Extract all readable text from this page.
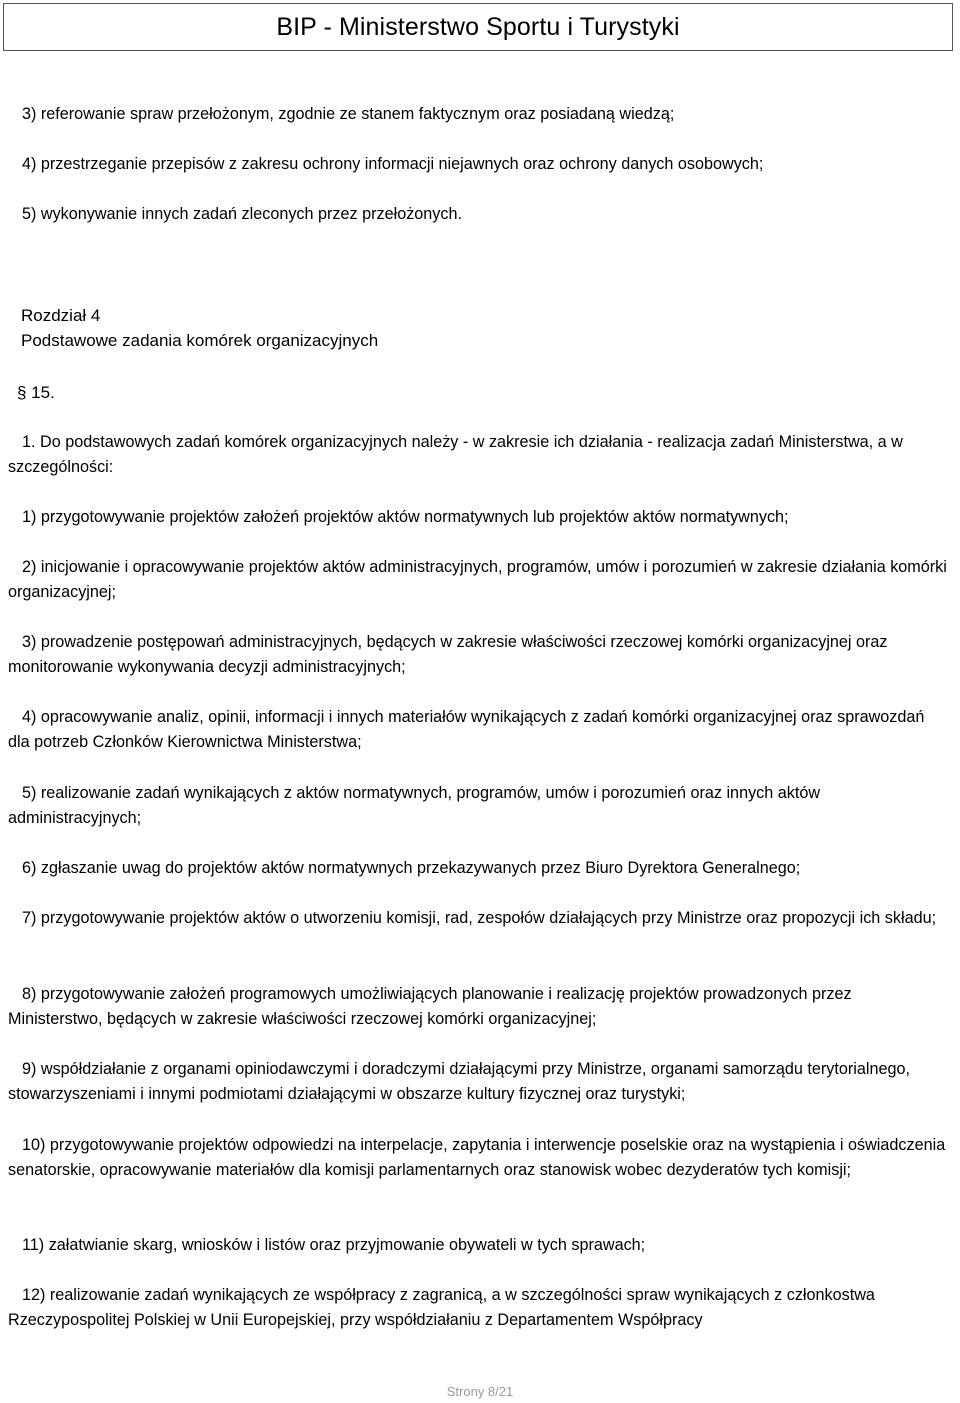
BIP - Ministerstwo Sportu i Turystyki
3) referowanie spraw przełożonym, zgodnie ze stanem faktycznym oraz posiadaną wiedzą;
4) przestrzeganie przepisów z zakresu ochrony informacji niejawnych oraz ochrony danych osobowych;
5) wykonywanie innych zadań zleconych przez przełożonych.
Rozdział 4
Podstawowe zadania komórek organizacyjnych
§ 15.
1. Do podstawowych zadań komórek organizacyjnych należy - w zakresie ich działania - realizacja zadań Ministerstwa, a w szczególności:
1) przygotowywanie projektów założeń projektów aktów normatywnych lub projektów aktów normatywnych;
2) inicjowanie i opracowywanie projektów aktów administracyjnych, programów, umów i porozumień w zakresie działania komórki organizacyjnej;
3) prowadzenie postępowań administracyjnych, będących w zakresie właściwości rzeczowej komórki organizacyjnej oraz monitorowanie wykonywania decyzji administracyjnych;
4) opracowywanie analiz, opinii, informacji i innych materiałów wynikających z zadań komórki organizacyjnej oraz sprawozdań dla potrzeb Członków Kierownictwa Ministerstwa;
5) realizowanie zadań wynikających z aktów normatywnych, programów, umów i porozumień oraz innych aktów administracyjnych;
6) zgłaszanie uwag do projektów aktów normatywnych przekazywanych przez Biuro Dyrektora Generalnego;
7) przygotowywanie projektów aktów o utworzeniu komisji, rad, zespołów działających przy Ministrze oraz propozycji ich składu;
8) przygotowywanie założeń programowych umożliwiających planowanie i realizację projektów prowadzonych przez Ministerstwo, będących w zakresie właściwości rzeczowej komórki organizacyjnej;
9) współdziałanie z organami opiniodawczymi i doradczymi działającymi przy Ministrze, organami samorządu terytorialnego, stowarzyszeniami i innymi podmiotami działającymi w obszarze kultury fizycznej oraz turystyki;
10) przygotowywanie projektów odpowiedzi na interpelacje, zapytania i interwencje poselskie oraz na wystąpienia i oświadczenia senatorskie, opracowywanie materiałów dla komisji parlamentarnych oraz stanowisk wobec dezyderatów tych komisji;
11) załatwianie skarg, wniosków i listów oraz przyjmowanie obywateli w tych sprawach;
12) realizowanie zadań wynikających ze współpracy z zagranicą, a w szczególności spraw wynikających z członkostwa Rzeczypospolitej Polskiej w Unii Europejskiej, przy współdziałaniu z Departamentem Współpracy
Strony 8/21
